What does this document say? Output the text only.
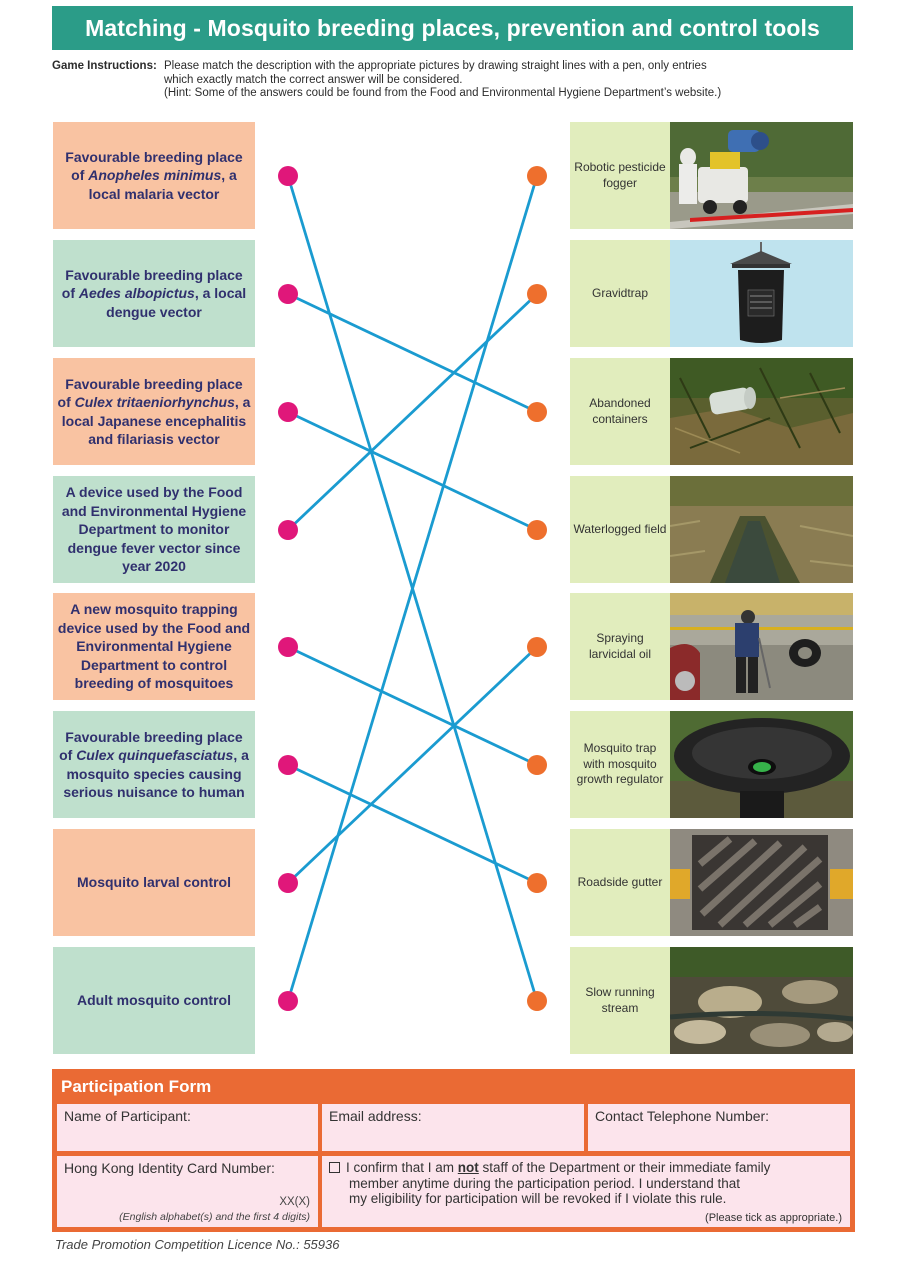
Matching - Mosquito breeding places, prevention and control tools
Game Instructions: Please match the description with the appropriate pictures by drawing straight lines with a pen, only entries
which exactly match the correct answer will be considered.
(Hint: Some of the answers could be found from the Food and Environmental Hygiene Department’s website.)
Favourable breeding place of Anopheles minimus, a local malaria vector
Favourable breeding place of Aedes albopictus, a local dengue vector
Favourable breeding place of Culex tritaeniorhynchus, a local Japanese encephalitis and filariasis vector
A device used by the Food and Environmental Hygiene Department to monitor dengue fever vector since year 2020
A new mosquito trapping device used by the Food and Environmental Hygiene Department to control breeding of mosquitoes
Favourable breeding place of Culex quinquefasciatus, a mosquito species causing serious nuisance to human
Mosquito larval control
Adult mosquito control
Robotic pesticide fogger
Gravidtrap
Abandoned containers
Waterlogged field
Spraying larvicidal oil
Mosquito trap with mosquito growth regulator
Roadside gutter
Slow running stream
Participation Form
Name of Participant:	Email address:	Contact Telephone Number:
Hong Kong Identity Card Number:
XX(X)
(English alphabet(s) and the first 4 digits)
I confirm that I am not staff of the Department or their immediate family
member anytime during the participation period. I understand that
my eligibility for participation will be revoked if I violate this rule.
(Please tick as appropriate.)
Trade Promotion Competition Licence No.: 55936
